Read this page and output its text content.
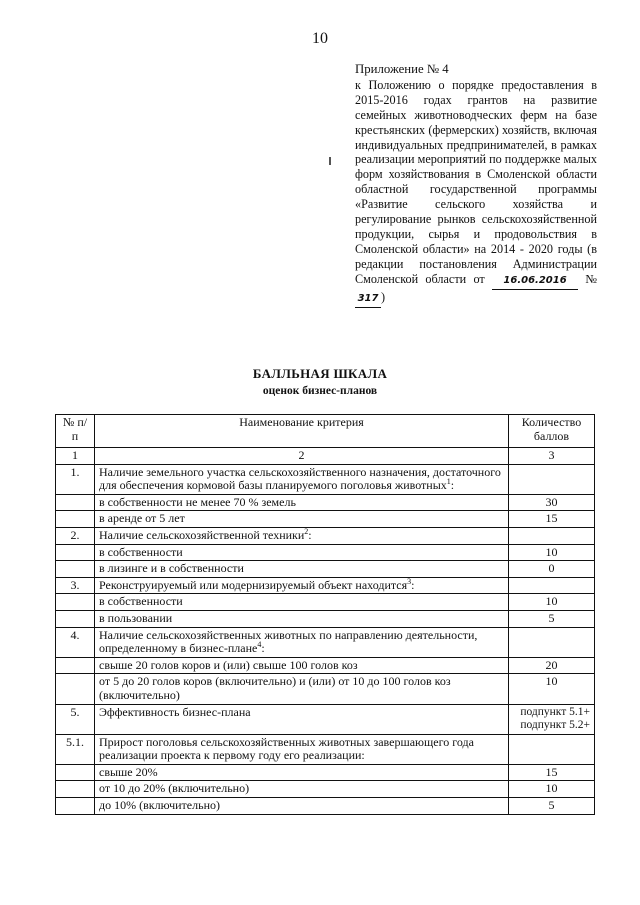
10
Приложение № 4
к Положению о порядке предоставления в 2015-2016 годах грантов на развитие семейных животноводческих ферм на базе крестьянских (фермерских) хозяйств, включая индивидуальных предпринимателей, в рамках реализации мероприятий по поддержке малых форм хозяйствования в Смоленской области областной государственной программы «Развитие сельского хозяйства и регулирование рынков сельскохозяйственной продукции, сырья и продовольствия в Смоленской области» на 2014 - 2020 годы (в редакции постановления Администрации Смоленской области от 16.06.2016 №317 )
БАЛЛЬНАЯ ШКАЛА
оценок бизнес-планов
№ п/п	Наименование критерия	Количество баллов
1	2	3
1.	Наличие земельного участка сельскохозяйственного назначения, достаточного для обеспечения кормовой базы планируемого поголовья животных$^1$:	
	в собственности не менее 70 % земель	30
	в аренде от 5 лет	15
2.	Наличие сельскохозяйственной техники$^2$:	
	в собственности	10
	в лизинге и в собственности	0
3.	Реконструируемый или модернизируемый объект находится$^3$:	
	в собственности	10
	в пользовании	5
4.	Наличие сельскохозяйственных животных по направлению деятельности, определенному в бизнес-плане$^4$:	
	свыше 20 голов коров и (или) свыше 100 голов коз	20
	от 5 до 20 голов коров (включительно) и (или) от 10 до 100 голов коз (включительно)	10
5.	Эффективность бизнес-плана	подпункт 5.1+ подпункт 5.2+
5.1.	Прирост поголовья сельскохозяйственных животных завершающего года реализации проекта к первому году его реализации:	
	свыше 20%	15
	от 10 до 20% (включительно)	10
	до 10% (включительно)	5
